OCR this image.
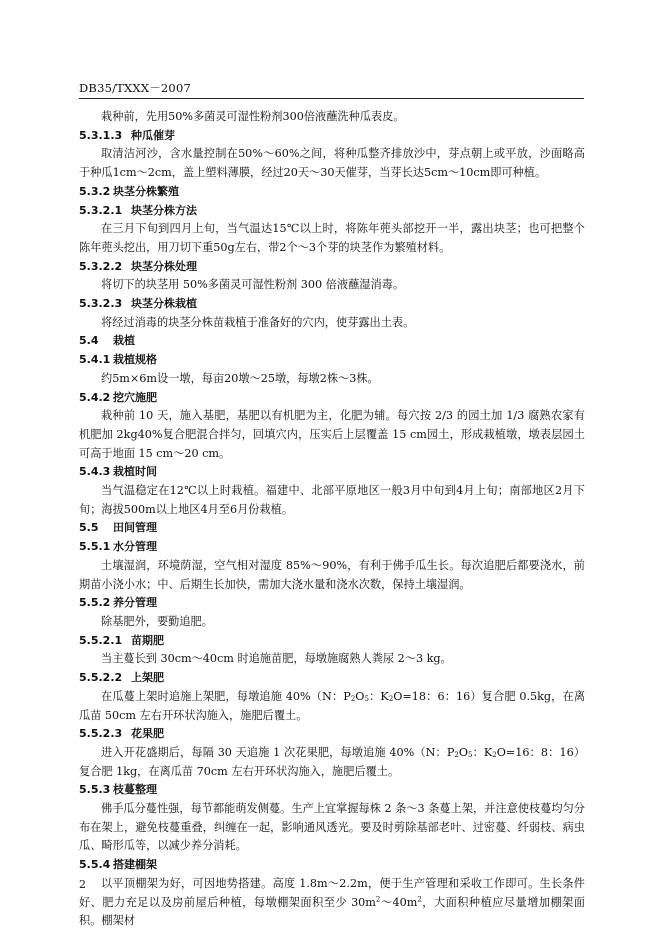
DB35/TXXX－2007

栽种前，先用50%多菌灵可湿性粉剂300倍液蘸洗种瓜表皮。

5.3.1.3 种瓜催芽

取清洁河沙，含水量控制在50%～60%之间，将种瓜整齐排放沙中，芽点朝上或平放，沙面略高于种瓜1cm～2cm，盖上塑料薄膜，经过20天～30天催芽，当芽长达5cm～10cm即可种植。

5.3.2 块茎分株繁殖

5.3.2.1 块茎分株方法

在三月下旬到四月上旬，当气温达15℃以上时，将陈年蔸头部挖开一半，露出块茎；也可把整个陈年蔸头挖出，用刀切下重50g左右，带2个～3个芽的块茎作为繁殖材料。

5.3.2.2 块茎分株处理

将切下的块茎用 50%多菌灵可湿性粉剂 300 倍液蘸湿消毒。

5.3.2.3 块茎分株栽植

将经过消毒的块茎分株苗栽植于准备好的穴内，使芽露出土表。

5.4 栽植

5.4.1 栽植规格

约5m×6m设一墩，每亩20墩～25墩，每墩2株～3株。

5.4.2 挖穴施肥

栽种前 10 天，施入基肥，基肥以有机肥为主，化肥为辅。每穴按 2/3 的园土加 1/3 腐熟农家有机肥加 2kg40%复合肥混合拌匀，回填穴内，压实后上层覆盖 15 cm园土，形成栽植墩，墩表层园土可高于地面 15 cm～20 cm。

5.4.3 栽植时间

当气温稳定在12℃以上时栽植。福建中、北部平原地区一般3月中旬到4月上旬；南部地区2月下旬；海拔500m以上地区4月至6月份栽植。

5.5 田间管理

5.5.1 水分管理

土壤湿润，环境荫湿，空气相对湿度 85%～90%，有利于佛手瓜生长。每次追肥后都要浇水，前期苗小浇小水；中、后期生长加快，需加大浇水量和浇水次数，保持土壤湿润。

5.5.2 养分管理

除基肥外，要勤追肥。

5.5.2.1 苗期肥

当主蔓长到 30cm～40cm 时追施苗肥，每墩施腐熟人粪尿 2～3 kg。

5.5.2.2 上架肥

在瓜蔓上架时追施上架肥，每墩追施 40%（N：$P_2O_5$：$K_2O=18$：6：16）复合肥 0.5kg，在离瓜苗 50cm 左右开环状沟施入，施肥后覆土。

5.5.2.3 花果肥

进入开花盛期后，每隔 30 天追施 1 次花果肥，每墩追施 40%（N：$P_2O_5$：$K_2O=16$：8：16）复合肥 1kg，在离瓜苗 70cm 左右开环状沟施入，施肥后覆土。

5.5.3 枝蔓整理

佛手瓜分蔓性强，每节都能萌发侧蔓。生产上宜掌握每株 2 条～3 条蔓上架，并注意使枝蔓均匀分布在架上，避免枝蔓重叠，纠缠在一起，影响通风透光。要及时剪除基部老叶、过密蔓、纤弱枝、病虫瓜、畸形瓜等，以减少养分消耗。

5.5.4 搭建棚架

以平顶棚架为好，可因地势搭建。高度 1.8m～2.2m，便于生产管理和采收工作即可。生长条件好、肥力充足以及房前屋后种植，每墩棚架面积至少 $30m^2\sim 40m^2$，大面积种植应尽量增加棚架面积。棚架材

2
